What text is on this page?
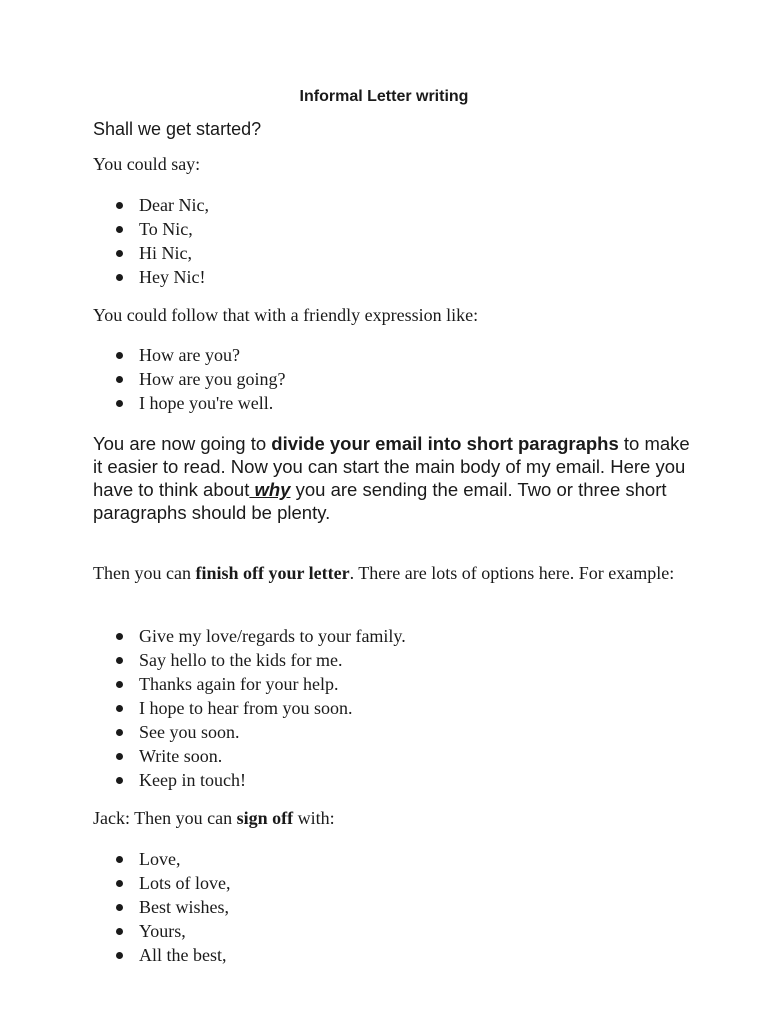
Informal Letter writing

Shall we get started?

You could say:

Dear Nic,
To Nic,
Hi Nic,
Hey Nic!

You could follow that with a friendly expression like:

How are you?
How are you going?
I hope you're well.

You are now going to divide your email into short paragraphs to make it easier to read. Now you can start the main body of my email. Here you have to think about why you are sending the email. Two or three short paragraphs should be plenty.

Then you can finish off your letter. There are lots of options here. For example:

Give my love/regards to your family.
Say hello to the kids for me.
Thanks again for your help.
I hope to hear from you soon.
See you soon.
Write soon.
Keep in touch!

Jack: Then you can sign off with:

Love,
Lots of love,
Best wishes,
Yours,
All the best,
